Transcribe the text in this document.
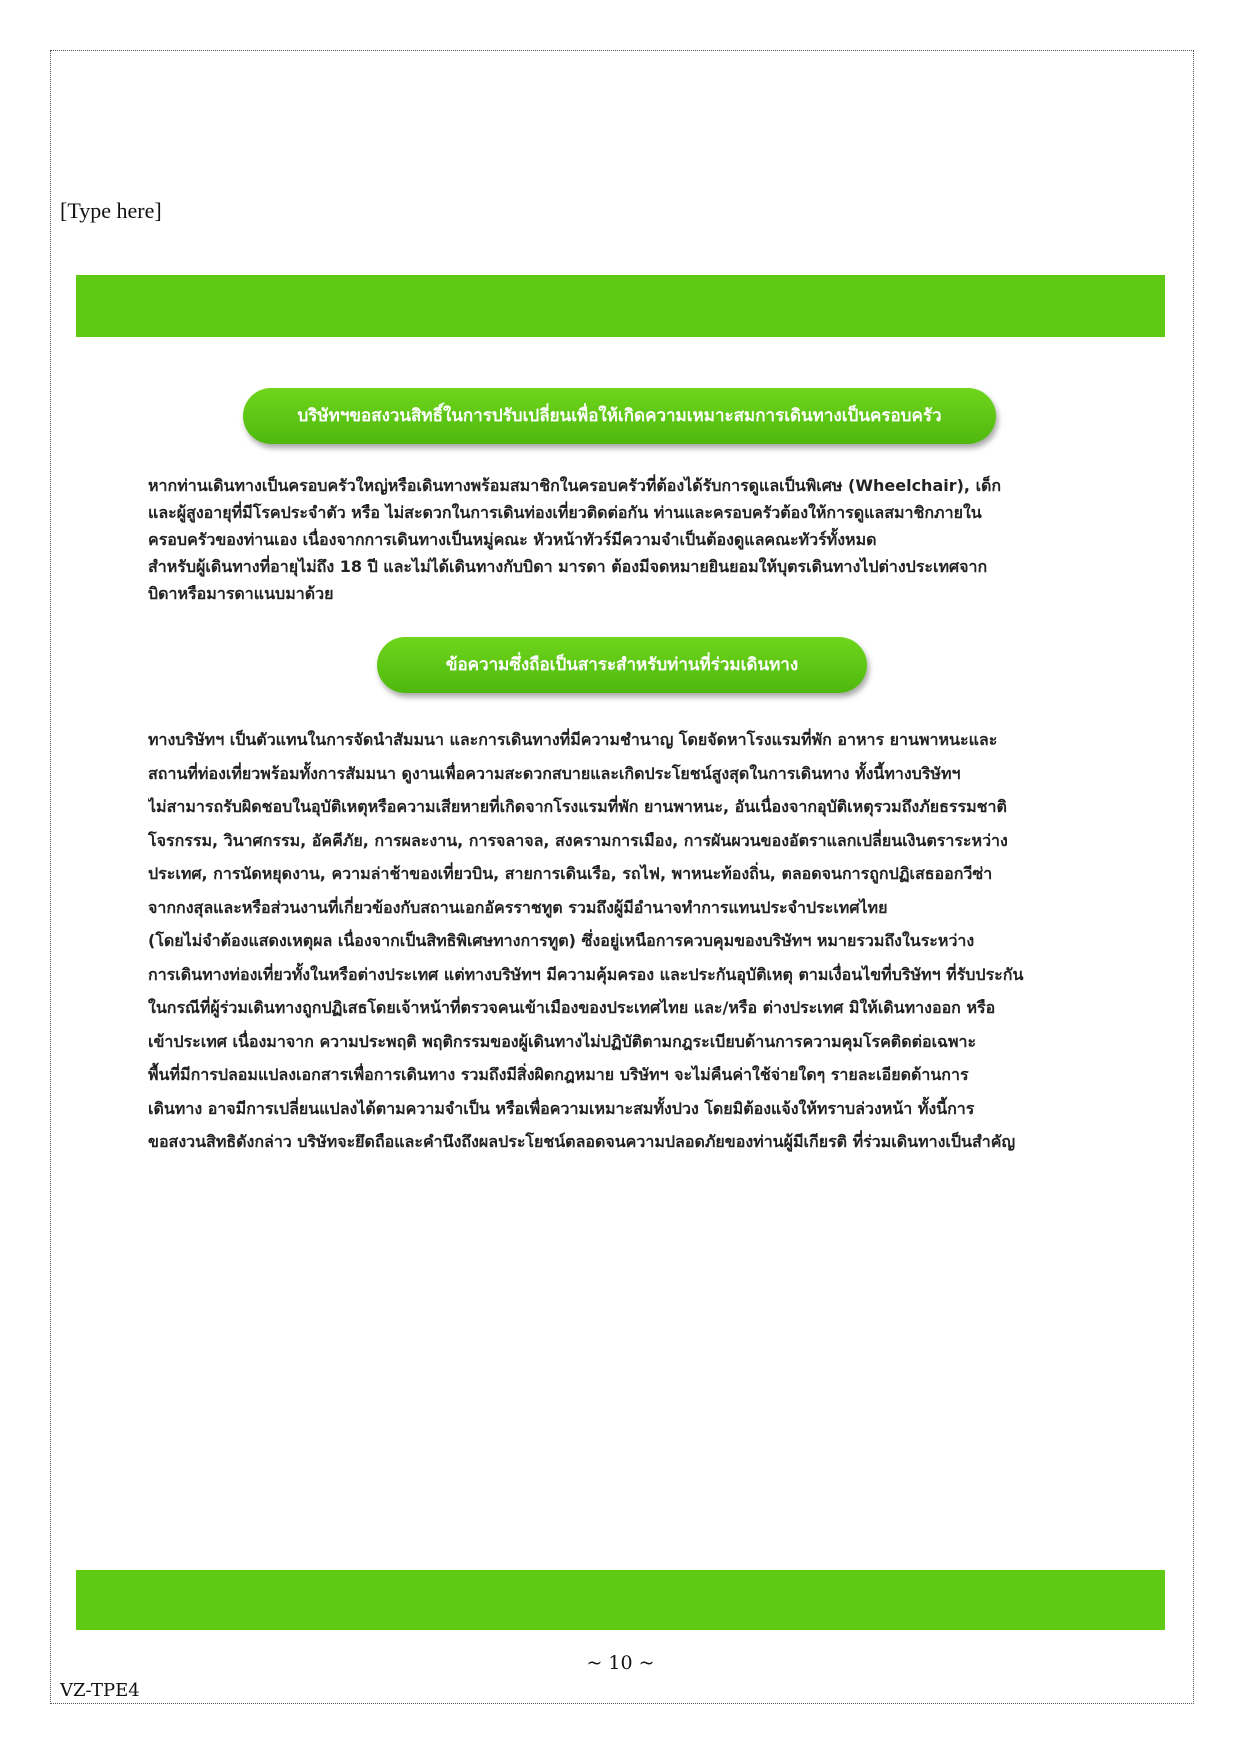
[Type here]
บริษัทฯขอสงวนสิทธิ์ในการปรับเปลี่ยนเพื่อให้เกิดความเหมาะสมการเดินทางเป็นครอบครัว
หากท่านเดินทางเป็นครอบครัวใหญ่หรือเดินทางพร้อมสมาชิกในครอบครัวที่ต้องได้รับการดูแลเป็นพิเศษ (Wheelchair), เด็ก
และผู้สูงอายุที่มีโรคประจำตัว หรือ ไม่สะดวกในการเดินท่องเที่ยวติดต่อกัน ท่านและครอบครัวต้องให้การดูแลสมาชิกภายใน
ครอบครัวของท่านเอง เนื่องจากการเดินทางเป็นหมู่คณะ หัวหน้าทัวร์มีความจำเป็นต้องดูแลคณะทัวร์ทั้งหมด
สำหรับผู้เดินทางที่อายุไม่ถึง 18 ปี และไม่ได้เดินทางกับบิดา มารดา ต้องมีจดหมายยินยอมให้บุตรเดินทางไปต่างประเทศจาก
บิดาหรือมารดาแนบมาด้วย
ข้อความซึ่งถือเป็นสาระสำหรับท่านที่ร่วมเดินทาง
ทางบริษัทฯ เป็นตัวแทนในการจัดนำสัมมนา และการเดินทางที่มีความชำนาญ โดยจัดหาโรงแรมที่พัก อาหาร ยานพาหนะและ
สถานที่ท่องเที่ยวพร้อมทั้งการสัมมนา ดูงานเพื่อความสะดวกสบายและเกิดประโยชน์สูงสุดในการเดินทาง ทั้งนี้ทางบริษัทฯ
ไม่สามารถรับผิดชอบในอุบัติเหตุหรือความเสียหายที่เกิดจากโรงแรมที่พัก ยานพาหนะ, อันเนื่องจากอุบัติเหตุรวมถึงภัยธรรมชาติ
โจรกรรม, วินาศกรรม, อัคคีภัย, การผละงาน, การจลาจล, สงครามการเมือง, การผันผวนของอัตราแลกเปลี่ยนเงินตราระหว่าง
ประเทศ, การนัดหยุดงาน, ความล่าช้าของเที่ยวบิน, สายการเดินเรือ, รถไฟ, พาหนะท้องถิ่น, ตลอดจนการถูกปฏิเสธออกวีซ่า
จากกงสุลและหรือส่วนงานที่เกี่ยวข้องกับสถานเอกอัครราชทูต รวมถึงผู้มีอำนาจทำการแทนประจำประเทศไทย
(โดยไม่จำต้องแสดงเหตุผล เนื่องจากเป็นสิทธิพิเศษทางการทูต) ซึ่งอยู่เหนือการควบคุมของบริษัทฯ หมายรวมถึงในระหว่าง
การเดินทางท่องเที่ยวทั้งในหรือต่างประเทศ แต่ทางบริษัทฯ มีความคุ้มครอง และประกันอุบัติเหตุ ตามเงื่อนไขที่บริษัทฯ ที่รับประกัน
ในกรณีที่ผู้ร่วมเดินทางถูกปฏิเสธโดยเจ้าหน้าที่ตรวจคนเข้าเมืองของประเทศไทย และ/หรือ ต่างประเทศ มิให้เดินทางออก หรือ
เข้าประเทศ เนื่องมาจาก ความประพฤติ พฤติกรรมของผู้เดินทางไม่ปฏิบัติตามกฎระเบียบด้านการความคุมโรคติดต่อเฉพาะ
พื้นที่มีการปลอมแปลงเอกสารเพื่อการเดินทาง รวมถึงมีสิ่งผิดกฎหมาย บริษัทฯ จะไม่คืนค่าใช้จ่ายใดๆ รายละเอียดด้านการ
เดินทาง อาจมีการเปลี่ยนแปลงได้ตามความจำเป็น หรือเพื่อความเหมาะสมทั้งปวง โดยมิต้องแจ้งให้ทราบล่วงหน้า ทั้งนี้การ
ขอสงวนสิทธิดังกล่าว บริษัทจะยึดถือและคำนึงถึงผลประโยชน์ตลอดจนความปลอดภัยของท่านผู้มีเกียรติ ที่ร่วมเดินทางเป็นสำคัญ
~ 10 ~
VZ-TPE4
